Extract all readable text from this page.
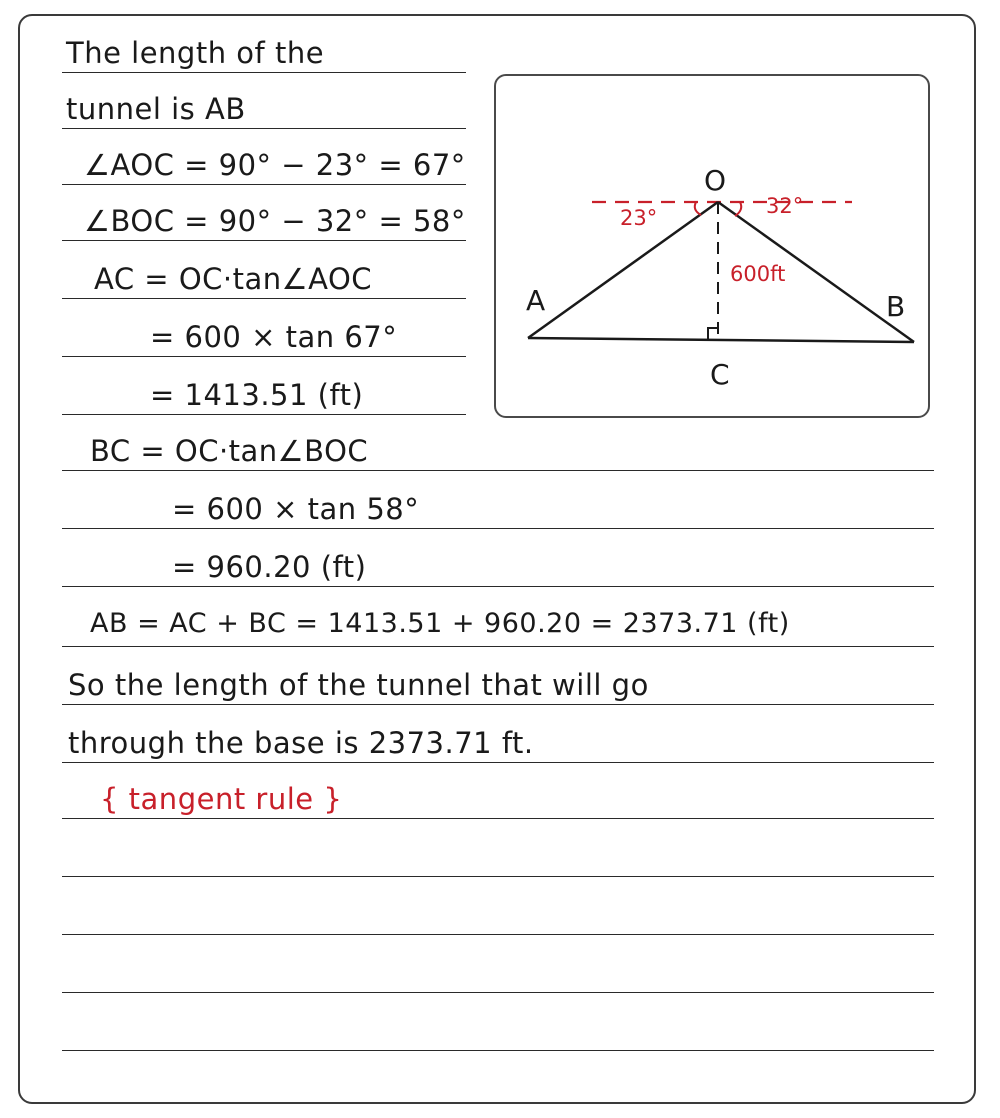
The length of the
tunnel is AB
∠AOC = 90° − 23° = 67°
∠BOC = 90° − 32° = 58°
AC = OC·tan∠AOC
= 600 × tan 67°
= 1413.51 (ft)
BC = OC·tan∠BOC
= 600 × tan 58°
= 960.20 (ft)
AB = AC + BC = 1413.51 + 960.20 = 2373.71 (ft)
So the length of the tunnel that will go
through the base is 2373.71 ft.
{ tangent rule }
O
A	B
C
23°	32°
600ft
